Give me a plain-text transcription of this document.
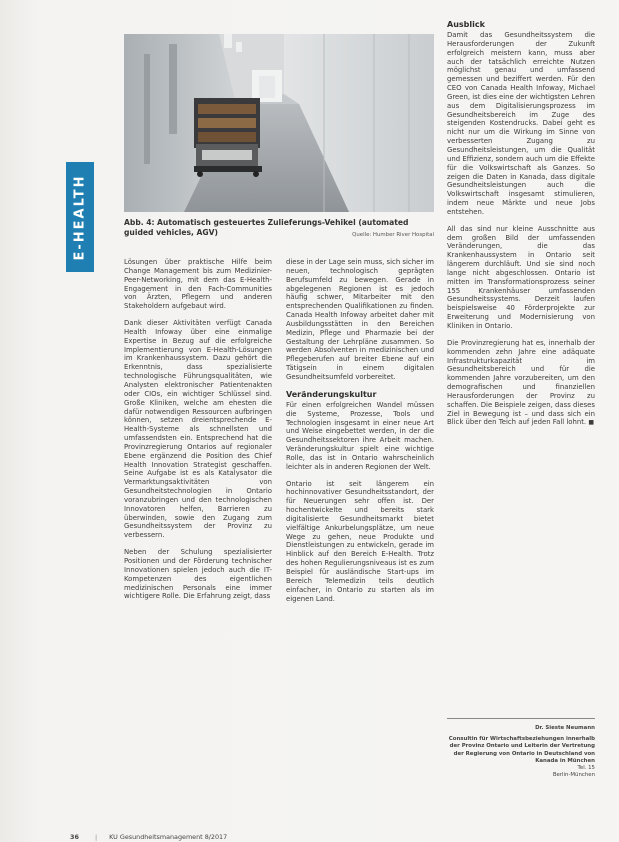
E-HEALTH	Abb. 4: Automatisch gesteuertes Zulieferungs-Vehikel (automated guided vehicles, AGV)	Quelle: Humber River Hospital

Lösungen über praktische Hilfe beim Change Management bis zum Medizinier-Peer-Networking, mit dem das E-Health-Engagement in den Fach-Communities von Ärzten, Pflegern und anderen Stakeholdern aufgebaut wird.

Dank dieser Aktivitäten verfügt Canada Health Infoway über eine einmalige Expertise in Bezug auf die erfolgreiche Implementierung von E-Health-Lösungen im Krankenhaussystem. Dazu gehört die Erkenntnis, dass spezialisierte technologische Führungsqualitäten, wie Analysten elektronischer Patientenakten oder CIOs, ein wichtiger Schlüssel sind. Große Kliniken, welche am ehesten die dafür notwendigen Ressourcen aufbringen können, setzen dreientsprechende E-Health-Systeme als schnellsten und umfassendsten ein. Entsprechend hat die Provinzregierung Ontarios auf regionaler Ebene ergänzend die Position des Chief Health Innovation Strategist geschaffen. Seine Aufgabe ist es als Katalysator die Vermarktungsaktivitäten von Gesundheitstechnologien in Ontario voranzubringen und den technologischen Innovatoren helfen, Barrieren zu überwinden, sowie den Zugang zum Gesundheitssystem der Provinz zu verbessern.

Neben der Schulung spezialisierter Positionen und der Förderung technischer Innovationen spielen jedoch auch die IT-Kompetenzen des eigentlichen medizinischen Personals eine immer wichtigere Rolle. Die Erfahrung zeigt, dass

diese in der Lage sein muss, sich sicher im neuen, technologisch geprägten Berufsumfeld zu bewegen. Gerade in abgelegenen Regionen ist es jedoch häufig schwer, Mitarbeiter mit den entsprechenden Qualifikationen zu finden. Canada Health Infoway arbeitet daher mit Ausbildungsstätten in den Bereichen Medizin, Pflege und Pharmazie bei der Gestaltung der Lehrpläne zusammen. So werden Absolventen in medizinischen und Pflegeberufen auf breiter Ebene auf ein Tätigsein in einem digitalen Gesundheitsumfeld vorbereitet.

Veränderungskultur

Für einen erfolgreichen Wandel müssen die Systeme, Prozesse, Tools und Technologien insgesamt in einer neue Art und Weise eingebettet werden, in der die Gesundheitssektoren ihre Arbeit machen. Veränderungskultur spielt eine wichtige Rolle, das ist in Ontario wahrscheinlich leichter als in anderen Regionen der Welt.

Ontario ist seit längerem ein hochinnovativer Gesundheitsstandort, der für Neuerungen sehr offen ist. Der hochentwickelte und bereits stark digitalisierte Gesundheitsmarkt bietet vielfältige Ankurbelungsplätze, um neue Wege zu gehen, neue Produkte und Dienstleistungen zu entwickeln, gerade im Hinblick auf den Bereich E-Health. Trotz des hohen Regulierungsniveaus ist es zum Beispiel für ausländische Start-ups im Bereich Telemedizin teils deutlich einfacher, in Ontario zu starten als im eigenen Land.

Ausblick

Damit das Gesundheitssystem die Herausforderungen der Zukunft erfolgreich meistern kann, muss aber auch der tatsächlich erreichte Nutzen möglichst genau und umfassend gemessen und beziffert werden. Für den CEO von Canada Health Infoway, Michael Green, ist dies eine der wichtigsten Lehren aus dem Digitalisierungsprozess im Gesundheitsbereich im Zuge des steigenden Kostendrucks. Dabei geht es nicht nur um die Wirkung im Sinne von verbesserten Zugang zu Gesundheitsleistungen, um die Qualität und Effizienz, sondern auch um die Effekte für die Volkswirtschaft als Ganzes. So zeigen die Daten in Kanada, dass digitale Gesundheitsleistungen auch die Volkswirtschaft insgesamt stimulieren, indem neue Märkte und neue Jobs entstehen.

All das sind nur kleine Ausschnitte aus dem großen Bild der umfassenden Veränderungen, die das Krankenhaussystem in Ontario seit längerem durchläuft. Und sie sind noch lange nicht abgeschlossen. Ontario ist mitten im Transformationsprozess seiner 155 Krankenhäuser umfassenden Gesundheitssystems. Derzeit laufen beispielsweise 40 Förderprojekte zur Erweiterung und Modernisierung von Kliniken in Ontario.

Die Provinzregierung hat es, innerhalb der kommenden zehn Jahre eine adäquate Infrastrukturkapazität im Gesundheitsbereich und für die kommenden Jahre vorzubereiten, um den demografischen und finanziellen Herausforderungen der Provinz zu schaffen. Die Beispiele zeigen, dass dieses Ziel in Bewegung ist – und dass sich ein Blick über den Teich auf jeden Fall lohnt. ■

Dr. Sieste Neumann
Consultin für Wirtschaftsbeziehungen innerhalb der Provinz Ontario und Leiterin der Vertretung der Regierung von Ontario in Deutschland von Kanada in München
Tel. 15
Berlin-München
36	| KU Gesundheitsmanagement 8/2017
